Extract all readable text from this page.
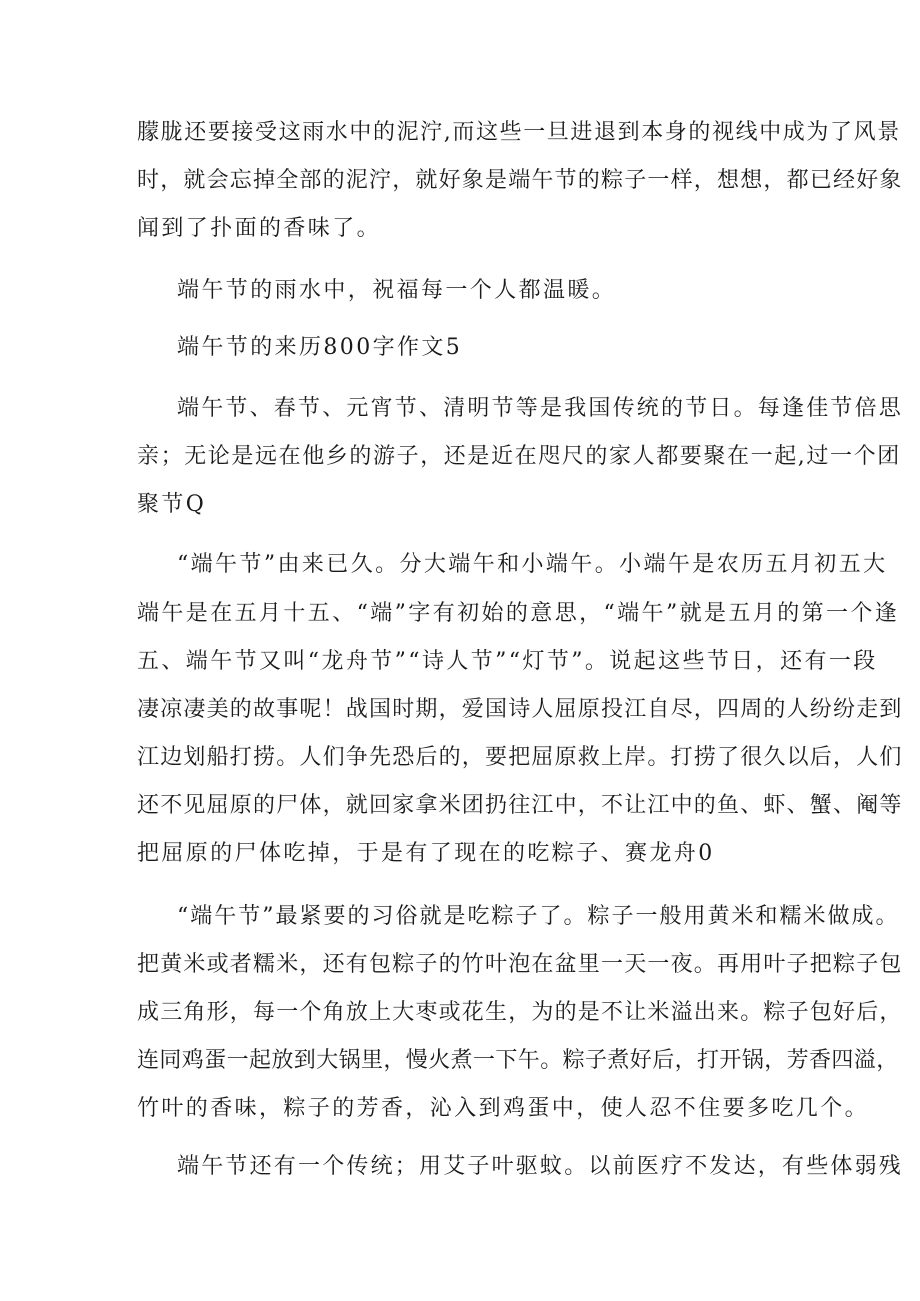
朦胧还要接受这雨水中的泥泞,而这些一旦进退到本身的视线中成为了风景
时，就会忘掉全部的泥泞，就好象是端午节的粽子一样，想想，都已经好象
闻到了扑面的香味了。
端午节的雨水中，祝福每一个人都温暖。
端午节的来历800字作文5
端午节、春节、元宵节、清明节等是我国传统的节日。每逢佳节倍思
亲；无论是远在他乡的游子，还是近在咫尺的家人都要聚在一起,过一个团
聚节Q
“端午节”由来已久。分大端午和小端午。小端午是农历五月初五大
端午是在五月十五、“端”字有初始的意思，“端午”就是五月的第一个逢
五、端午节又叫“龙舟节”“诗人节”“灯节”。说起这些节日，还有一段
凄凉凄美的故事呢！战国时期，爱国诗人屈原投江自尽，四周的人纷纷走到
江边划船打捞。人们争先恐后的，要把屈原救上岸。打捞了很久以后，人们
还不见屈原的尸体，就回家拿米团扔往江中，不让江中的鱼、虾、蟹、阉等
把屈原的尸体吃掉，于是有了现在的吃粽子、赛龙舟0
“端午节”最紧要的习俗就是吃粽子了。粽子一般用黄米和糯米做成。
把黄米或者糯米，还有包粽子的竹叶泡在盆里一天一夜。再用叶子把粽子包
成三角形，每一个角放上大枣或花生，为的是不让米溢出来。粽子包好后，
连同鸡蛋一起放到大锅里，慢火煮一下午。粽子煮好后，打开锅，芳香四溢，
竹叶的香味，粽子的芳香，沁入到鸡蛋中，使人忍不住要多吃几个。
端午节还有一个传统；用艾子叶驱蚊。以前医疗不发达，有些体弱残
